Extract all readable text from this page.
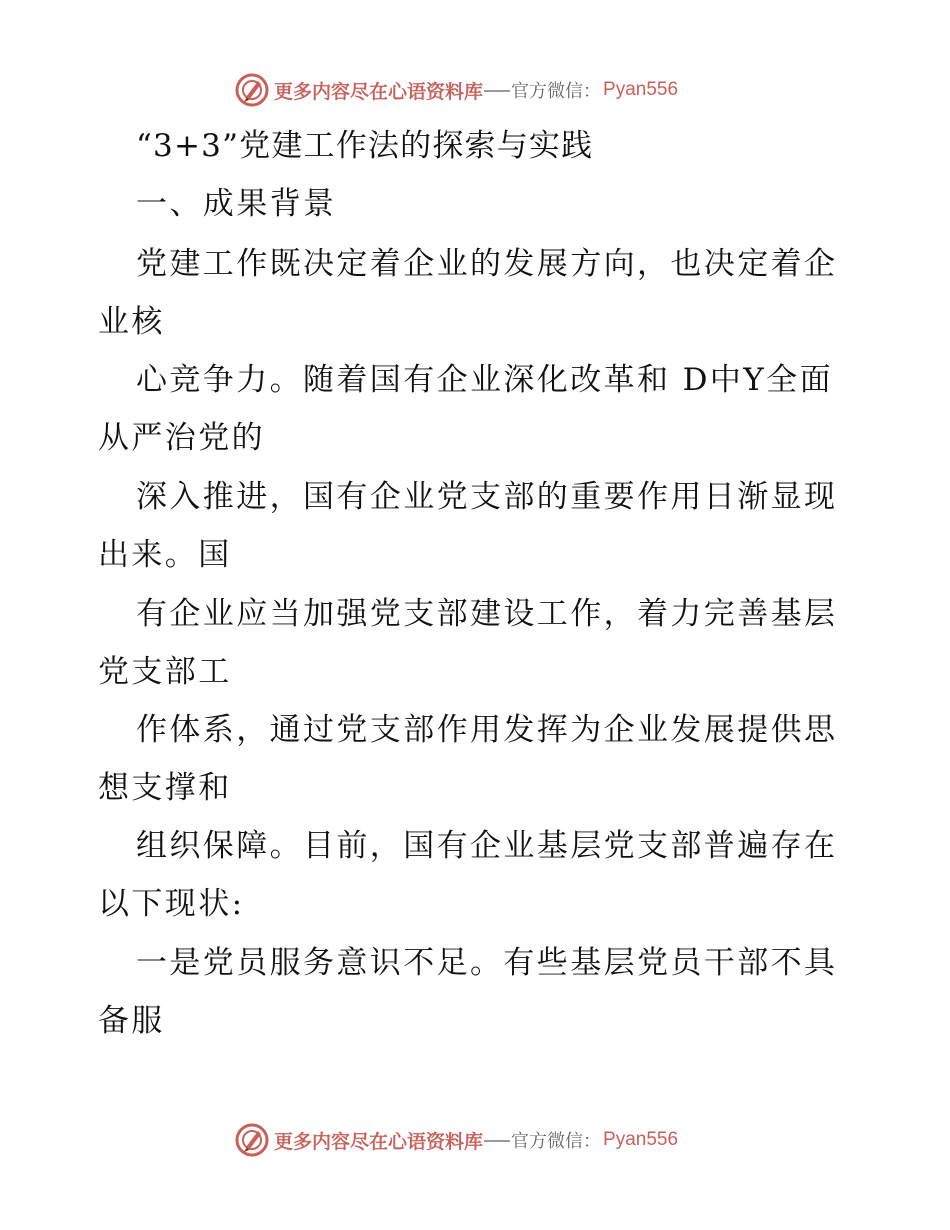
更多内容尽在心语资料库 官方微信： Pyan556
“3+3”党建工作法的探索与实践
一、成果背景
党建工作既决定着企业的发展方向，也决定着企
业核
心竞争力。随着国有企业深化改革和 D中Y全面
从严治党的
深入推进，国有企业党支部的重要作用日渐显现
出来。国
有企业应当加强党支部建设工作，着力完善基层
党支部工
作体系，通过党支部作用发挥为企业发展提供思
想支撑和
组织保障。目前，国有企业基层党支部普遍存在
以下现状:
一是党员服务意识不足。有些基层党员干部不具
备服
更多内容尽在心语资料库 官方微信： Pyan556
